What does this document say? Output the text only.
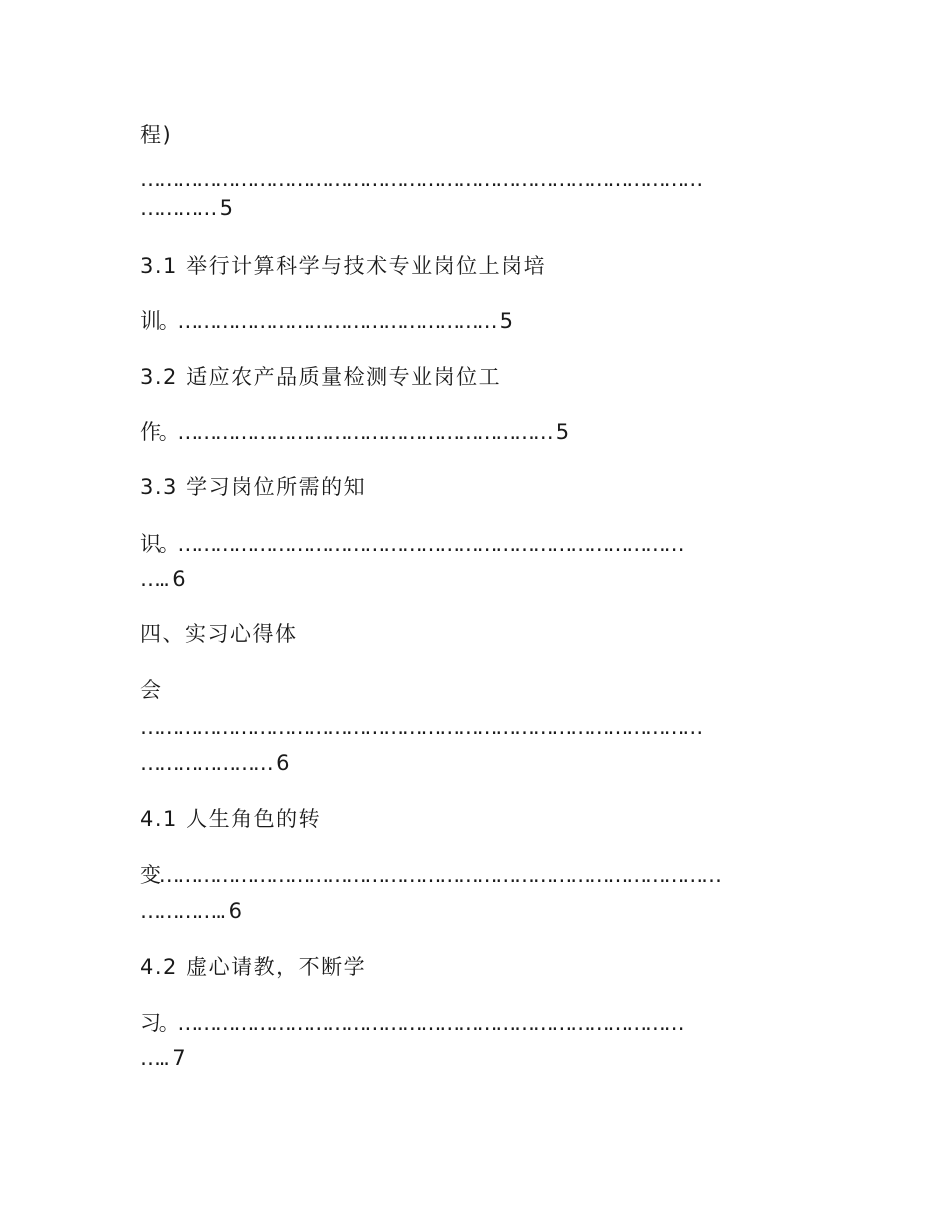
程)
………………………………………………………………………………
………… 5
3.1 举行计算科学与技术专业岗位上岗培
训。…………………………………………… 5
3.2 适应农产品质量检测专业岗位工
作。…………………………………………………… 5
3.3 学习岗位所需的知
识。………………………………………………………………………
….. 6
四、实习心得体
会
………………………………………………………………………………
………………… 6
4.1 人生角色的转
变………………………………………………………………………………
………….. 6
4.2 虚心请教，不断学
习。………………………………………………………………………
….. 7
